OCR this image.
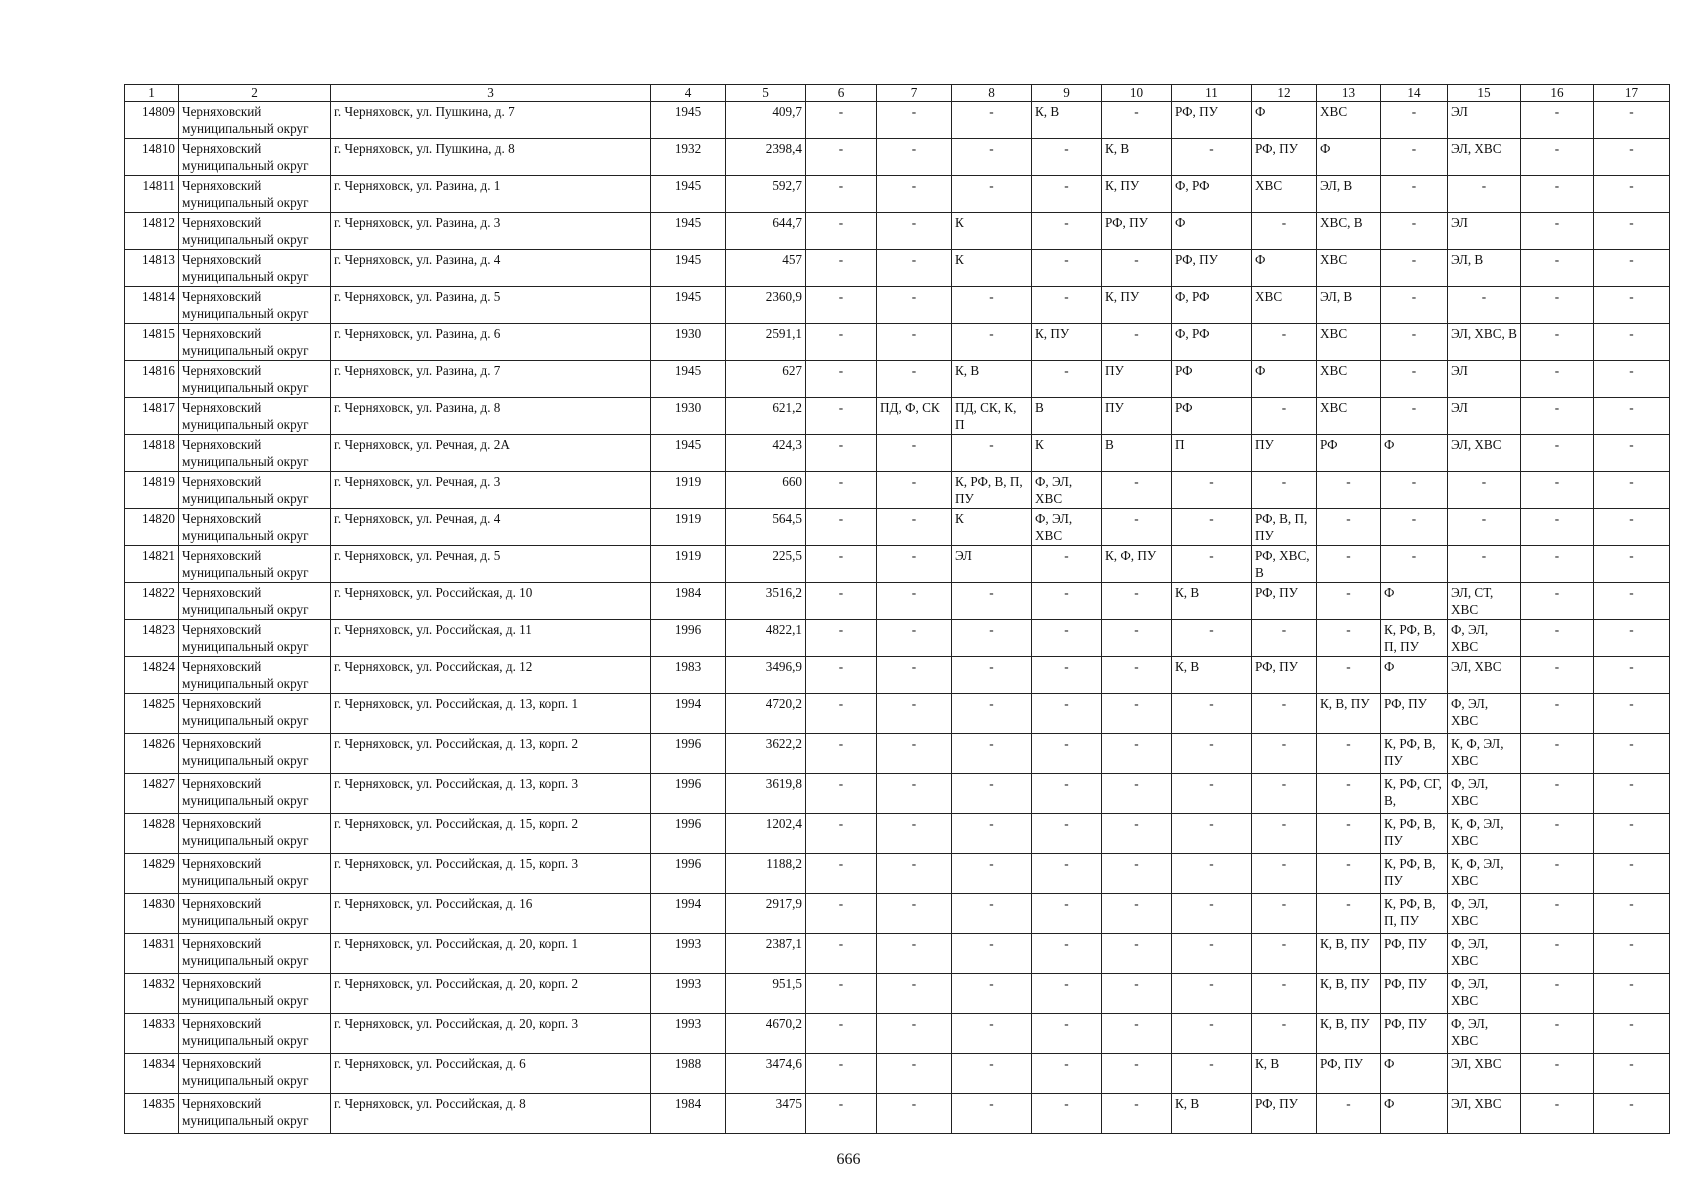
1	2	3	4	5	6	7	8	9	10	11	12	13	14	15	16	17
14809	Черняховский муниципальный округ	г. Черняховск, ул. Пушкина, д. 7	1945	409,7	-	-	-	К, В	-	РФ, ПУ	Ф	ХВС	-	ЭЛ	-	-
14810	Черняховский муниципальный округ	г. Черняховск, ул. Пушкина, д. 8	1932	2398,4	-	-	-	-	К, В	-	РФ, ПУ	Ф	-	ЭЛ, ХВС	-	-
14811	Черняховский муниципальный округ	г. Черняховск, ул. Разина, д. 1	1945	592,7	-	-	-	-	К, ПУ	Ф, РФ	ХВС	ЭЛ, В	-	-	-	-
14812	Черняховский муниципальный округ	г. Черняховск, ул. Разина, д. 3	1945	644,7	-	-	К	-	РФ, ПУ	Ф	-	ХВС, В	-	ЭЛ	-	-
14813	Черняховский муниципальный округ	г. Черняховск, ул. Разина, д. 4	1945	457	-	-	К	-	-	РФ, ПУ	Ф	ХВС	-	ЭЛ, В	-	-
14814	Черняховский муниципальный округ	г. Черняховск, ул. Разина, д. 5	1945	2360,9	-	-	-	-	К, ПУ	Ф, РФ	ХВС	ЭЛ, В	-	-	-	-
14815	Черняховский муниципальный округ	г. Черняховск, ул. Разина, д. 6	1930	2591,1	-	-	-	К, ПУ	-	Ф, РФ	-	ХВС	-	ЭЛ, ХВС, В	-	-
14816	Черняховский муниципальный округ	г. Черняховск, ул. Разина, д. 7	1945	627	-	-	К, В	-	ПУ	РФ	Ф	ХВС	-	ЭЛ	-	-
14817	Черняховский муниципальный округ	г. Черняховск, ул. Разина, д. 8	1930	621,2	-	ПД, Ф, СК	ПД, СК, К, П	В	ПУ	РФ	-	ХВС	-	ЭЛ	-	-
14818	Черняховский муниципальный округ	г. Черняховск, ул. Речная, д. 2А	1945	424,3	-	-	-	К	В	П	ПУ	РФ	Ф	ЭЛ, ХВС	-	-
14819	Черняховский муниципальный округ	г. Черняховск, ул. Речная, д. 3	1919	660	-	-	К, РФ, В, П, ПУ	Ф, ЭЛ, ХВС	-	-	-	-	-	-	-	-
14820	Черняховский муниципальный округ	г. Черняховск, ул. Речная, д. 4	1919	564,5	-	-	К	Ф, ЭЛ, ХВС	-	-	РФ, В, П, ПУ	-	-	-	-	-
14821	Черняховский муниципальный округ	г. Черняховск, ул. Речная, д. 5	1919	225,5	-	-	ЭЛ	-	К, Ф, ПУ	-	РФ, ХВС, В	-	-	-	-	-
14822	Черняховский муниципальный округ	г. Черняховск, ул. Российская, д. 10	1984	3516,2	-	-	-	-	-	К, В	РФ, ПУ	-	Ф	ЭЛ, СТ, ХВС	-	-
14823	Черняховский муниципальный округ	г. Черняховск, ул. Российская, д. 11	1996	4822,1	-	-	-	-	-	-	-	-	К, РФ, В, П, ПУ	Ф, ЭЛ, ХВС	-	-
14824	Черняховский муниципальный округ	г. Черняховск, ул. Российская, д. 12	1983	3496,9	-	-	-	-	-	К, В	РФ, ПУ	-	Ф	ЭЛ, ХВС	-	-
14825	Черняховский муниципальный округ	г. Черняховск, ул. Российская, д. 13, корп. 1	1994	4720,2	-	-	-	-	-	-	-	К, В, ПУ	РФ, ПУ	Ф, ЭЛ, ХВС	-	-
14826	Черняховский муниципальный округ	г. Черняховск, ул. Российская, д. 13, корп. 2	1996	3622,2	-	-	-	-	-	-	-	-	К, РФ, В, ПУ	К, Ф, ЭЛ, ХВС	-	-
14827	Черняховский муниципальный округ	г. Черняховск, ул. Российская, д. 13, корп. 3	1996	3619,8	-	-	-	-	-	-	-	-	К, РФ, СГ, В,	Ф, ЭЛ, ХВС	-	-
14828	Черняховский муниципальный округ	г. Черняховск, ул. Российская, д. 15, корп. 2	1996	1202,4	-	-	-	-	-	-	-	-	К, РФ, В, ПУ	К, Ф, ЭЛ, ХВС	-	-
14829	Черняховский муниципальный округ	г. Черняховск, ул. Российская, д. 15, корп. 3	1996	1188,2	-	-	-	-	-	-	-	-	К, РФ, В, ПУ	К, Ф, ЭЛ, ХВС	-	-
14830	Черняховский муниципальный округ	г. Черняховск, ул. Российская, д. 16	1994	2917,9	-	-	-	-	-	-	-	-	К, РФ, В, П, ПУ	Ф, ЭЛ, ХВС	-	-
14831	Черняховский муниципальный округ	г. Черняховск, ул. Российская, д. 20, корп. 1	1993	2387,1	-	-	-	-	-	-	-	К, В, ПУ	РФ, ПУ	Ф, ЭЛ, ХВС	-	-
14832	Черняховский муниципальный округ	г. Черняховск, ул. Российская, д. 20, корп. 2	1993	951,5	-	-	-	-	-	-	-	К, В, ПУ	РФ, ПУ	Ф, ЭЛ, ХВС	-	-
14833	Черняховский муниципальный округ	г. Черняховск, ул. Российская, д. 20, корп. 3	1993	4670,2	-	-	-	-	-	-	-	К, В, ПУ	РФ, ПУ	Ф, ЭЛ, ХВС	-	-
14834	Черняховский муниципальный округ	г. Черняховск, ул. Российская, д. 6	1988	3474,6	-	-	-	-	-	-	К, В	РФ, ПУ	Ф	ЭЛ, ХВС	-	-
14835	Черняховский муниципальный округ	г. Черняховск, ул. Российская, д. 8	1984	3475	-	-	-	-	-	К, В	РФ, ПУ	-	Ф	ЭЛ, ХВС	-	-
666
